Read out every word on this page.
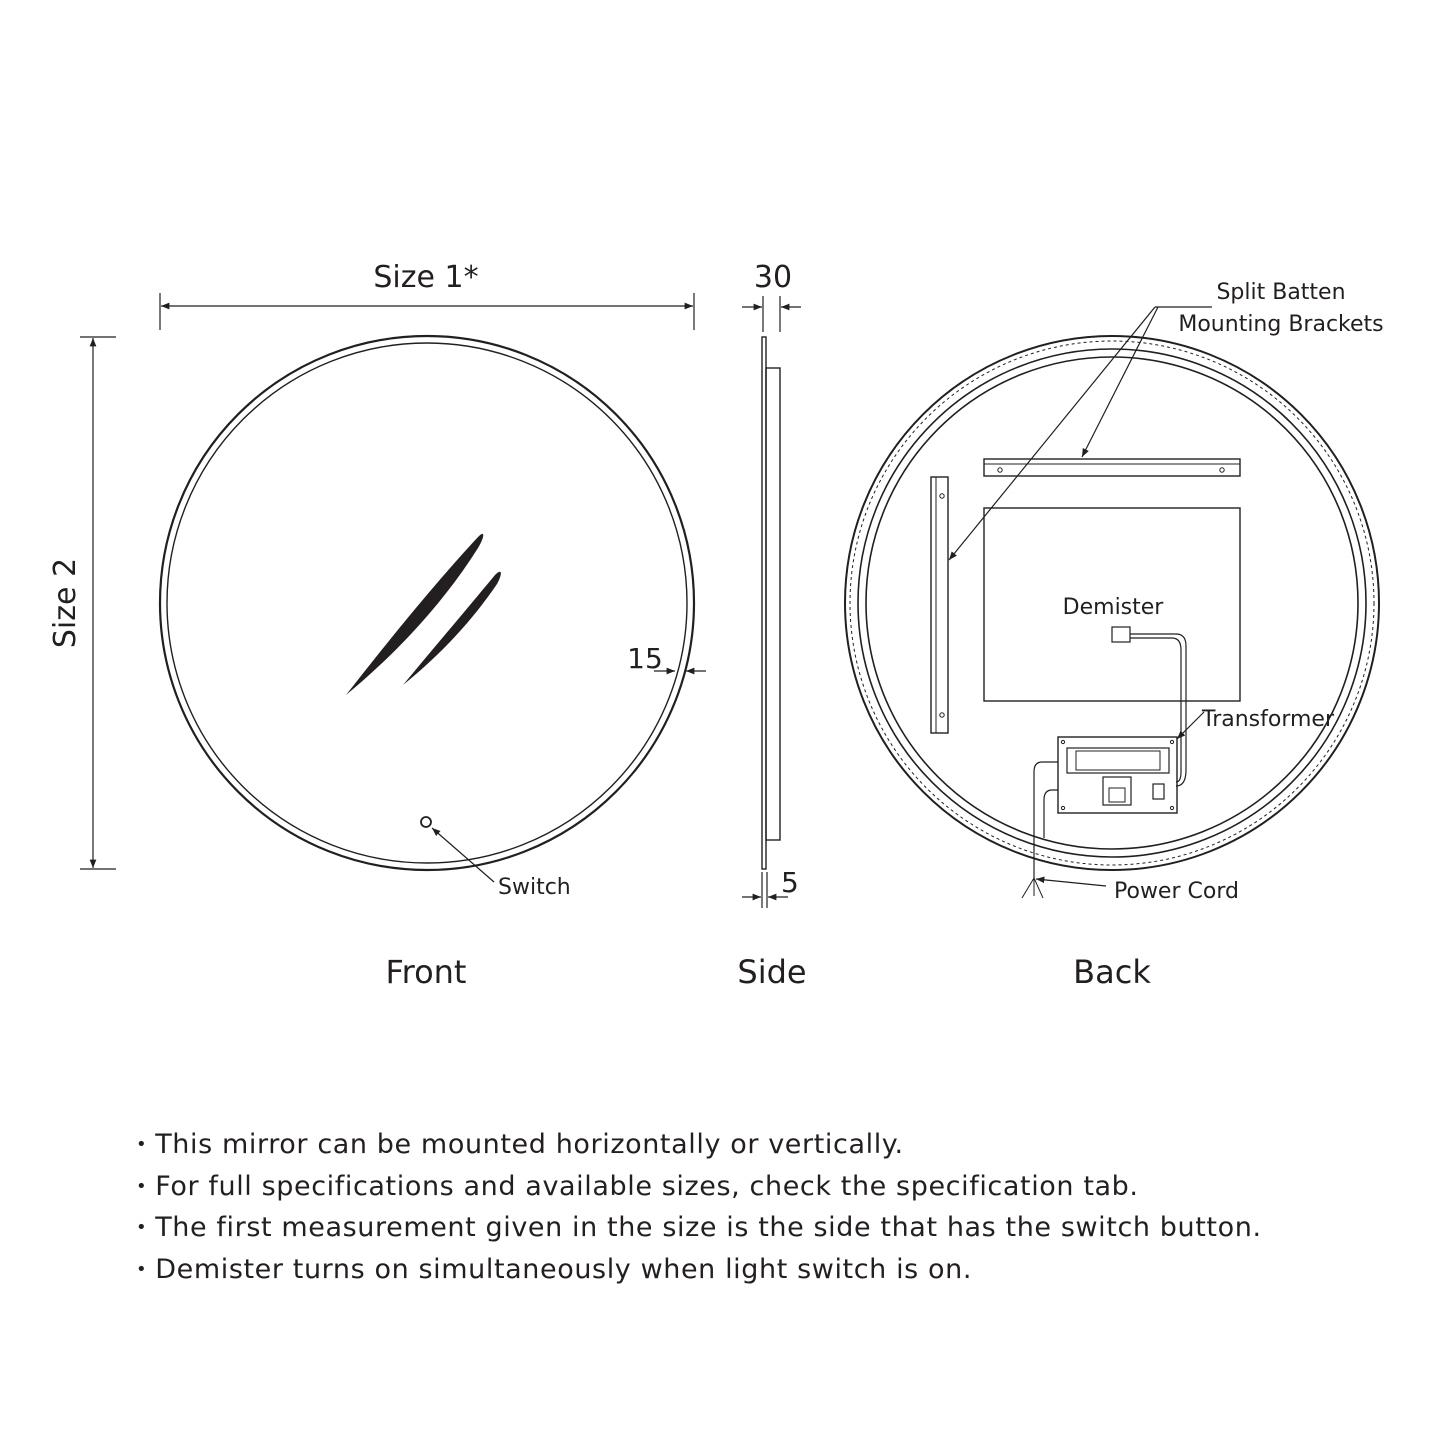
Size 1*
Size 2
15
Switch
Front
30
5
Side
Split Batten
Mounting Brackets
Demister
Transformer
Power Cord
Back
• This mirror can be mounted horizontally or vertically.
• For full specifications and available sizes, check the specification tab.
• The first measurement given in the size is the side that has the switch button.
• Demister turns on simultaneously when light switch is on.
